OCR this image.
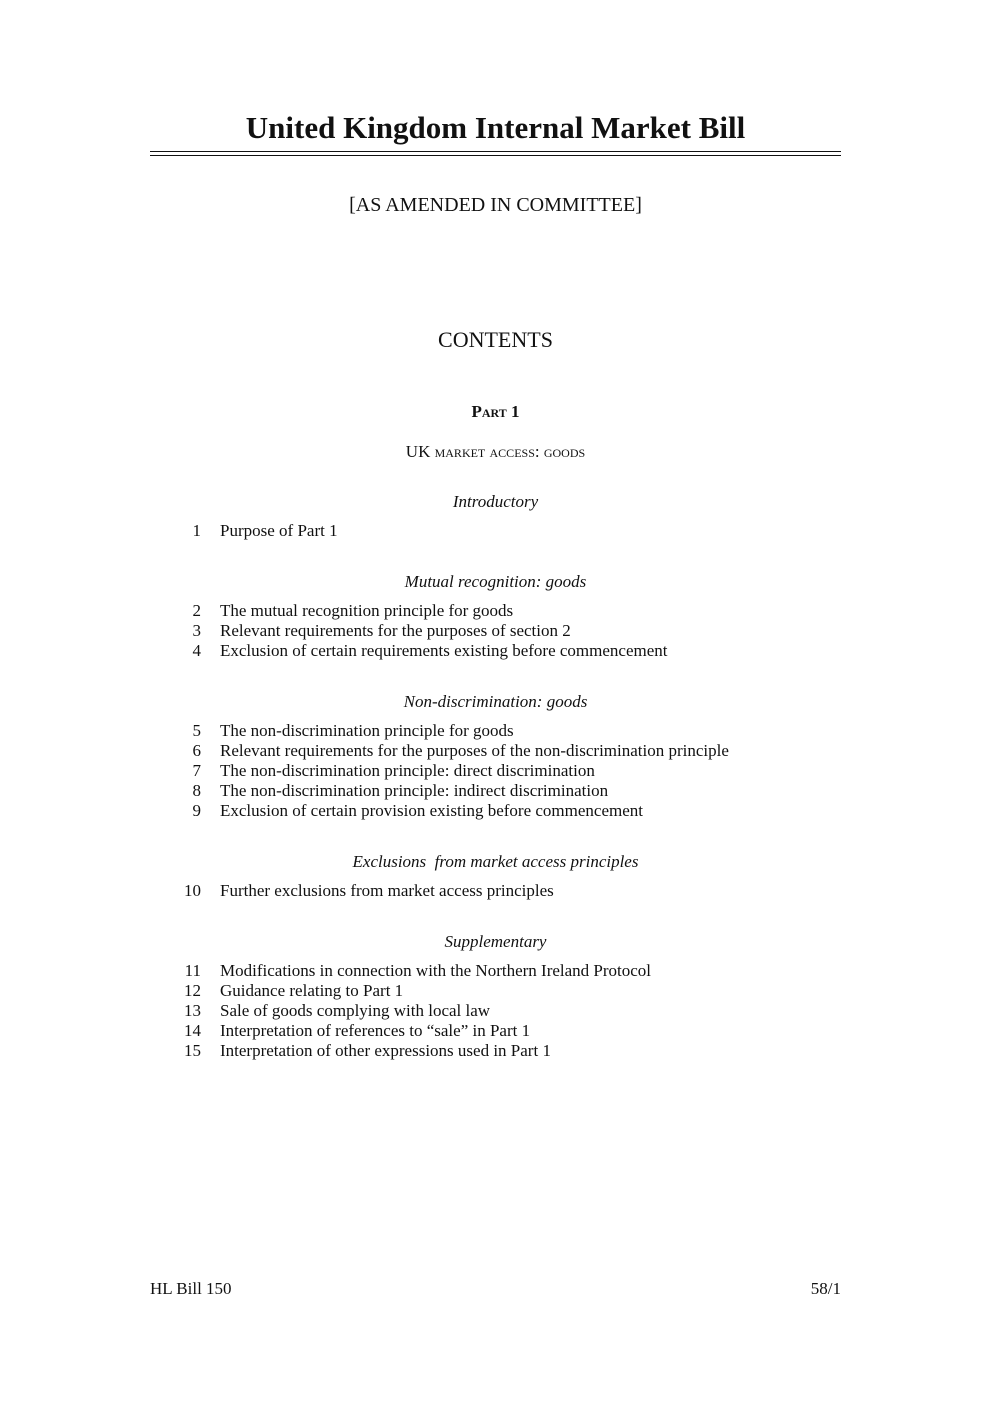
United Kingdom Internal Market Bill
[AS AMENDED IN COMMITTEE]
CONTENTS
Part 1
UK market access: goods
Introductory
1 Purpose of Part 1
Mutual recognition: goods
2 The mutual recognition principle for goods
3 Relevant requirements for the purposes of section 2
4 Exclusion of certain requirements existing before commencement
Non-discrimination: goods
5 The non-discrimination principle for goods
6 Relevant requirements for the purposes of the non-discrimination principle
7 The non-discrimination principle: direct discrimination
8 The non-discrimination principle: indirect discrimination
9 Exclusion of certain provision existing before commencement
Exclusions  from market access principles
10 Further exclusions from market access principles
Supplementary
11 Modifications in connection with the Northern Ireland Protocol
12 Guidance relating to Part 1
13 Sale of goods complying with local law
14 Interpretation of references to “sale” in Part 1
15 Interpretation of other expressions used in Part 1
HL Bill 150	58/1
